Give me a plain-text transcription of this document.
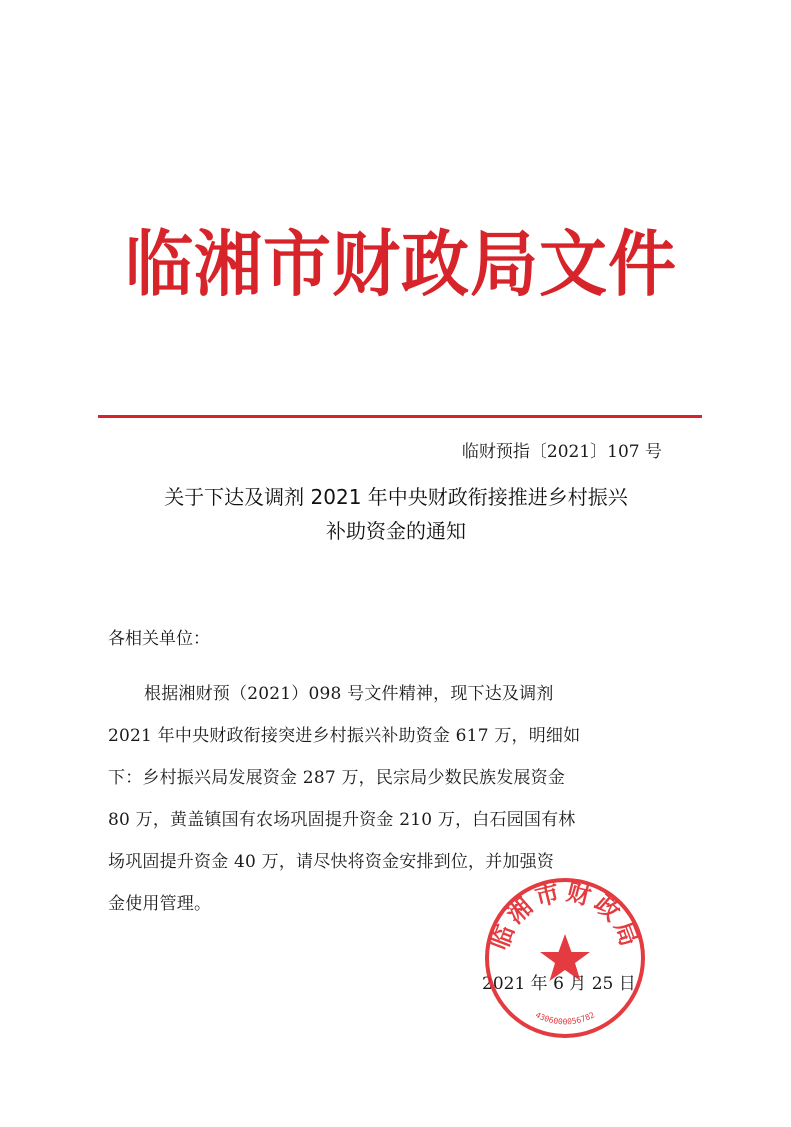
临湘市财政局文件
临财预指〔2021〕107 号
关于下达及调剂 2021 年中央财政衔接推进乡村振兴
补助资金的通知
各相关单位：
根据湘财预（2021）098 号文件精神，现下达及调剂
2021 年中央财政衔接突进乡村振兴补助资金 617 万，明细如
下：乡村振兴局发展资金 287 万，民宗局少数民族发展资金
80 万，黄盖镇国有农场巩固提升资金 210 万，白石园国有林
场巩固提升资金 40 万，请尽快将资金安排到位，并加强资
金使用管理。
2021 年 6 月 25 日
临湘市财政局
4306000056782
